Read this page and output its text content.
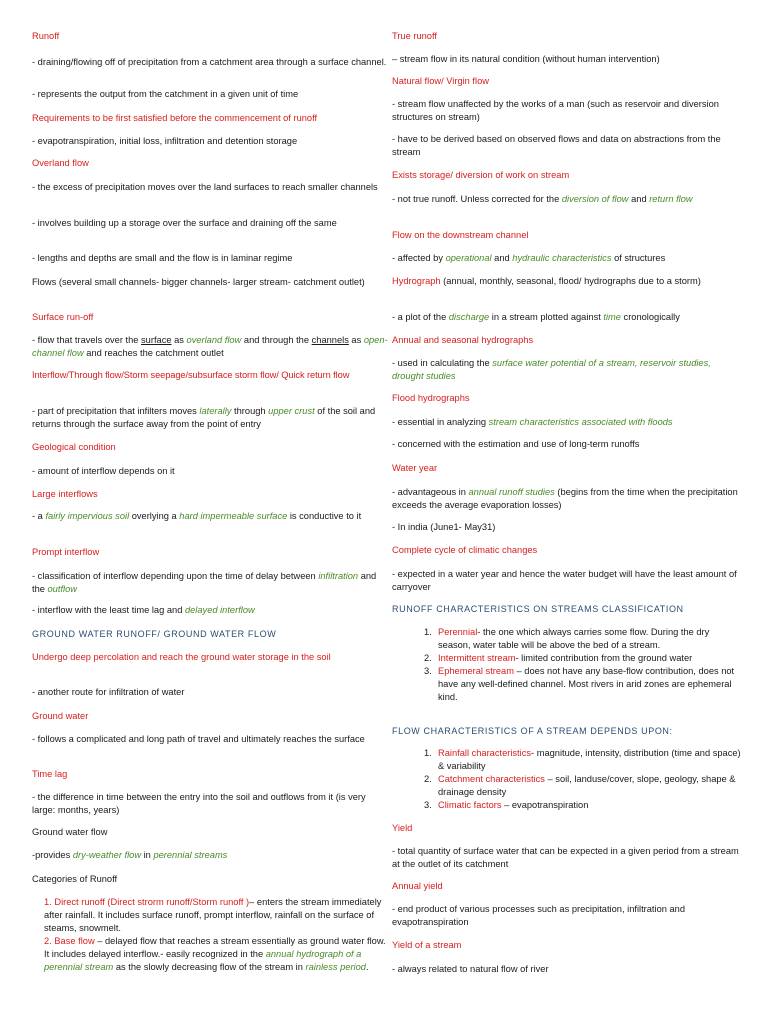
Runoff
- draining/flowing off of precipitation from a catchment area through a surface channel.
- represents the output from the catchment in a given unit of time
Requirements to be first satisfied before the commencement of runoff
- evapotranspiration, initial loss, infiltration and detention storage
Overland flow
- the excess of precipitation moves over the land surfaces to reach smaller channels
- involves building up a storage over the surface and draining off the same
- lengths and depths are small and the flow is in laminar regime
Flows (several small channels- bigger channels- larger stream- catchment outlet)
Surface run-off
- flow that travels over the surface as overland flow and through the channels as open-channel flow and reaches the catchment outlet
Interflow/Through flow/Storm seepage/subsurface storm flow/ Quick return flow
- part of precipitation that infilters moves laterally through upper crust of the soil and returns through the surface away from the point of entry
Geological condition
- amount of interflow depends on it
Large interflows
- a fairly impervious soil overlying a hard impermeable surface is conductive to it
Prompt interflow
- classification of interflow depending upon the time of delay between infiltration and the outflow
- interflow with the least time lag and delayed interflow
GROUND WATER RUNOFF/ GROUND WATER FLOW
Undergo deep percolation and reach the ground water storage in the soil
- another route for infiltration of water
Ground water
- follows a complicated and long path of travel and ultimately reaches the surface
Time lag
- the difference in time between the entry into the soil and outflows from it (is very large: months, years)
Ground water flow
-provides dry-weather flow in perennial streams
Categories of Runoff
1. Direct runoff (Direct strorm runoff/Storm runoff )– enters the stream immediately after rainfall. It includes surface runoff, prompt interflow, rainfall on the surface of steams, snowmelt.
2. Base flow – delayed flow that reaches a stream essentially as ground water flow. It includes delayed interflow.- easily recognized in the annual hydrograph of a perennial stream as the slowly decreasing flow of the stream in rainless period.
True runoff
– stream flow in its natural condition (without human intervention)
Natural flow/ Virgin flow
- stream flow unaffected by the works of a man (such as reservoir and diversion structures on stream)
- have to be derived based on observed flows and data on abstractions from the stream
Exists storage/ diversion of work on stream
- not true runoff. Unless corrected for the diversion of flow and return flow
Flow on the downstream channel
- affected by operational and hydraulic characteristics of structures
Hydrograph (annual, monthly, seasonal, flood/ hydrographs due to a storm)
- a plot of the discharge in a stream plotted against time cronologically
Annual and seasonal hydrographs
- used in calculating the surface water potential of a stream, reservoir studies, drought studies
Flood hydrographs
- essential in analyzing stream characteristics associated with floods
- concerned with the estimation and use of long-term runoffs
Water year
- advantageous in annual runoff studies (begins from the time when the precipitation exceeds the average evaporation losses)
- In india (June1- May31)
Complete cycle of climatic changes
- expected in a water year and hence the water budget will have the least amount of carryover
RUNOFF CHARACTERISTICS ON STREAMS CLASSIFICATION
1. Perennial- the one which always carries some flow. During the dry season, water table will be above the bed of a stream.
2. Intermittent stream- limited contribution from the ground water
3. Ephemeral stream – does not have any base-flow contribution, does not have any well-defined channel. Most rivers in arid zones are ephemeral kind.
FLOW CHARACTERISTICS OF A STREAM DEPENDS UPON:
1. Rainfall characteristics- magnitude, intensity, distribution (time and space) & variability
2. Catchment characteristics – soil, landuse/cover, slope, geology, shape & drainage density
3. Climatic factors – evapotranspiration
Yield
- total quantity of surface water that can be expected in a given period from a stream at the outlet of its catchment
Annual yield
- end product of various processes such as precipitation, infiltration and evapotranspiration
Yield of a stream
- always related to natural flow of river
